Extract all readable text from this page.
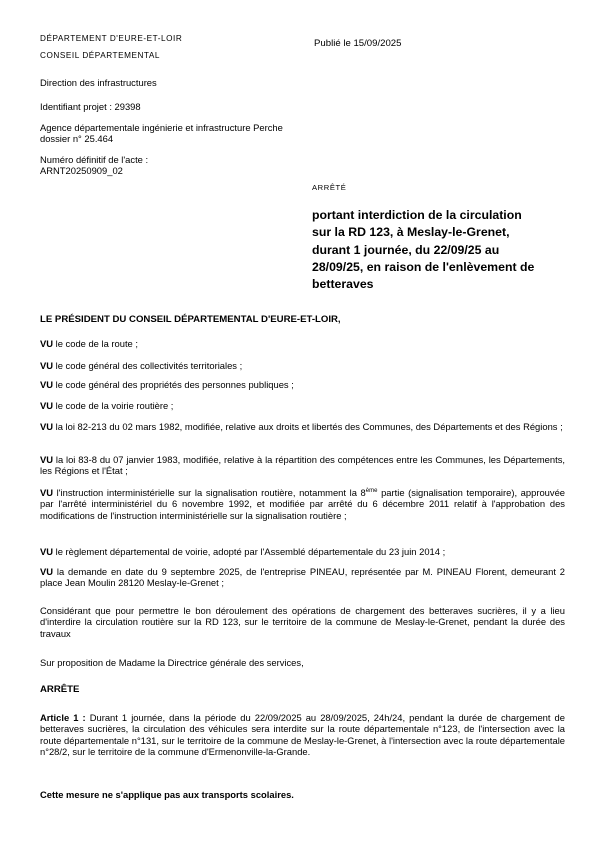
DÉPARTEMENT D'EURE-ET-LOIR
CONSEIL DÉPARTEMENTAL
Publié le 15/09/2025
Direction des infrastructures
Identifiant projet : 29398
Agence départementale ingénierie et infrastructure Perche
dossier n° 25.464
Numéro définitif de l'acte :
ARNT20250909_02
ARRÊTÉ
portant interdiction de la circulation
sur la RD 123, à Meslay-le-Grenet,
durant 1 journée, du 22/09/25 au
28/09/25, en raison de l'enlèvement de
betteraves
LE PRÉSIDENT DU CONSEIL DÉPARTEMENTAL D'EURE-ET-LOIR,
VU le code de la route ;
VU le code général des collectivités territoriales ;
VU le code général des propriétés des personnes publiques ;
VU le code de la voirie routière ;
VU la loi 82-213 du 02 mars 1982, modifiée, relative aux droits et libertés des Communes, des Départements et des Régions ;
VU la loi 83-8 du 07 janvier 1983, modifiée, relative à la répartition des compétences entre les Communes, les Départements, les Régions et l'État ;
VU l'instruction interministérielle sur la signalisation routière, notamment la 8ème partie (signalisation temporaire), approuvée par l'arrêté interministériel du 6 novembre 1992, et modifiée par arrêté du 6 décembre 2011 relatif à l'approbation des modifications de l'instruction interministérielle sur la signalisation routière ;
VU le règlement départemental de voirie, adopté par l'Assemblé départementale du 23 juin 2014 ;
VU la demande en date du 9 septembre 2025, de l'entreprise PINEAU, représentée par M. PINEAU Florent, demeurant 2 place Jean Moulin 28120 Meslay-le-Grenet ;
Considérant que pour permettre le bon déroulement des opérations de chargement des betteraves sucrières, il y a lieu d'interdire la circulation routière sur la RD 123, sur le territoire de la commune de Meslay-le-Grenet, pendant la durée des travaux
Sur proposition de Madame la Directrice générale des services,
ARRÊTE
Article 1 : Durant 1 journée, dans la période du 22/09/2025 au 28/09/2025, 24h/24, pendant la durée de chargement de betteraves sucrières, la circulation des véhicules sera interdite sur la route départementale n°123, de l'intersection avec la route départementale n°131, sur le territoire de la commune de Meslay-le-Grenet, à l'intersection avec la route départementale n°28/2, sur le territoire de la commune d'Ermenonville-la-Grande.
Cette mesure ne s'applique pas aux transports scolaires.
